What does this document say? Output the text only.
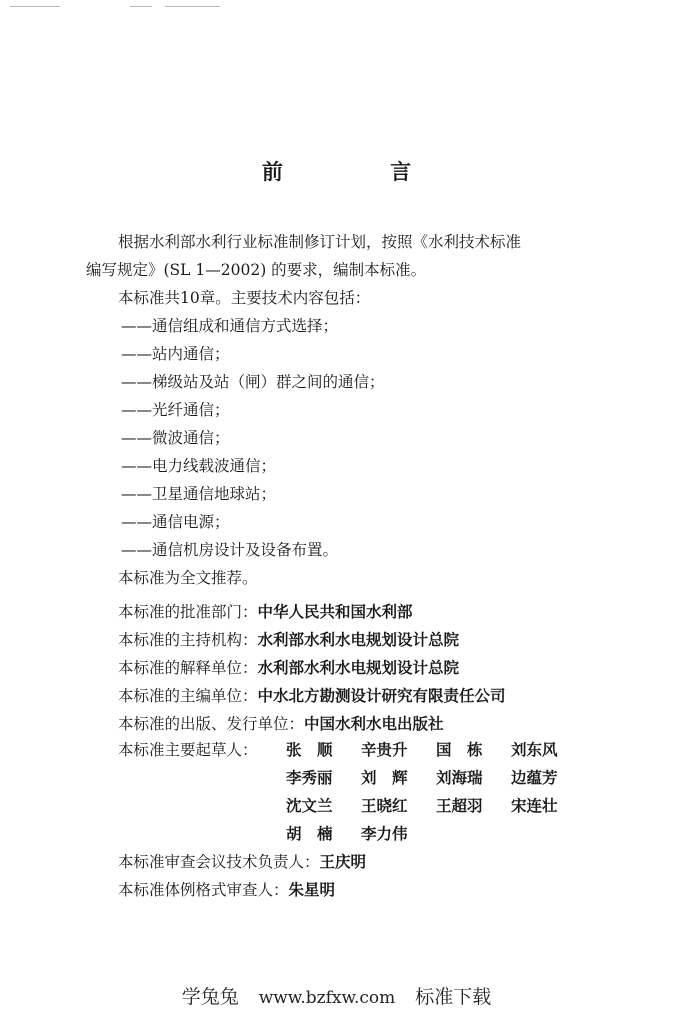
前 言
根据水利部水利行业标准制修订计划，按照《水利技术标准
编写规定》(SL 1—2002) 的要求，编制本标准。
本标准共10章。主要技术内容包括：
——通信组成和通信方式选择；
——站内通信；
——梯级站及站（闸）群之间的通信；
——光纤通信；
——微波通信；
——电力线载波通信；
——卫星通信地球站；
——通信电源；
——通信机房设计及设备布置。
本标准为全文推荐。
本标准的批准部门：中华人民共和国水利部
本标准的主持机构：水利部水利水电规划设计总院
本标准的解释单位：水利部水利水电规划设计总院
本标准的主编单位：中水北方勘测设计研究有限责任公司
本标准的出版、发行单位：中国水利水电出版社
本标准主要起草人： 张　顺 辛贵升 国　栋 刘东风
李秀丽 刘　辉 刘海瑞 边蕴芳
沈文兰 王晓红 王超羽 宋连壮
胡　楠 李力伟
本标准审查会议技术负责人：王庆明
本标准体例格式审查人：朱星明
学兔兔 www.bzfxw.com 标准下载
